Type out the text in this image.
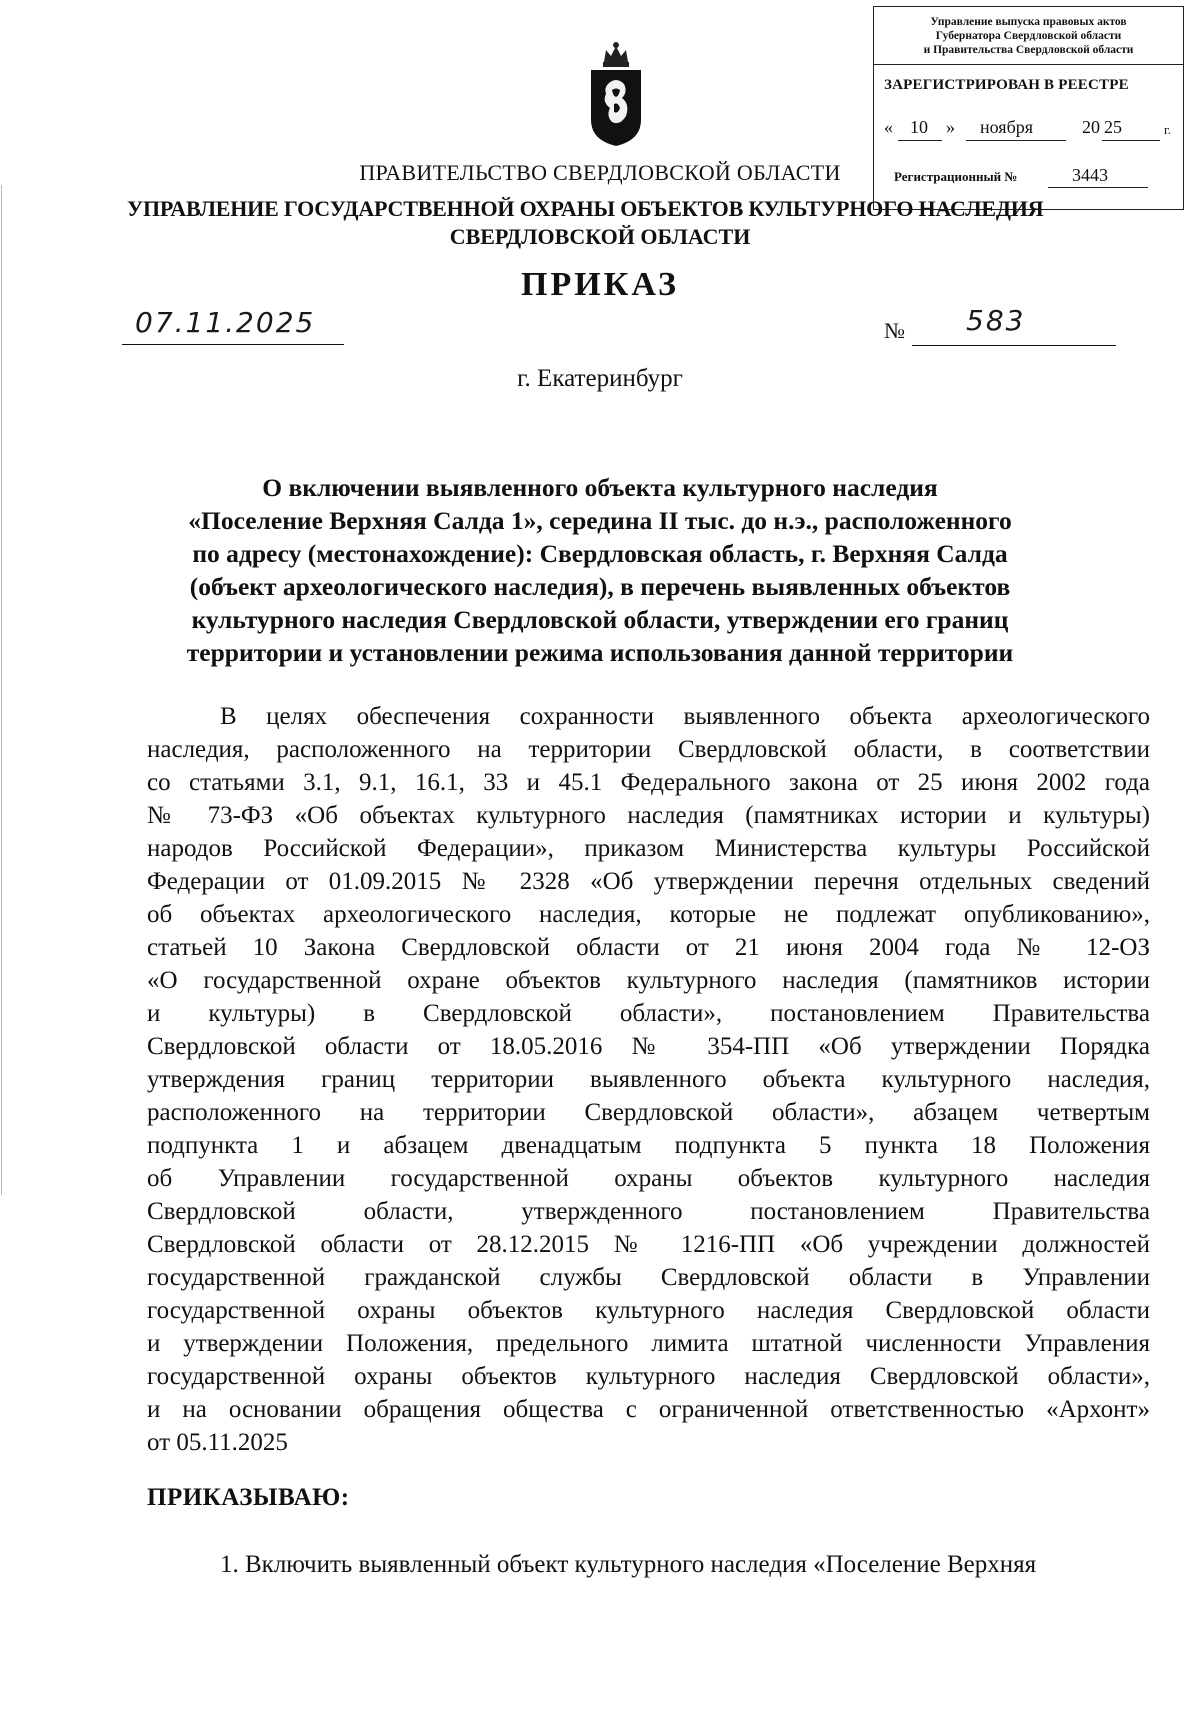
Управление выпуска правовых актов
Губернатора Свердловской области
и Правительства Свердловской области
ЗАРЕГИСТРИРОВАН В РЕЕСТРЕ
« 10 » ноября	20 25	г.
Регистрационный №	3443
ПРАВИТЕЛЬСТВО СВЕРДЛОВСКОЙ ОБЛАСТИ
УПРАВЛЕНИЕ ГОСУДАРСТВЕННОЙ ОХРАНЫ ОБЪЕКТОВ КУЛЬТУРНОГО НАСЛЕДИЯ
СВЕРДЛОВСКОЙ ОБЛАСТИ
ПРИКАЗ
07.11.2025	№ 583
г. Екатеринбург
О включении выявленного объекта культурного наследия
«Поселение Верхняя Салда 1», середина II тыс. до н.э., расположенного
по адресу (местонахождение): Свердловская область, г. Верхняя Салда
(объект археологического наследия), в перечень выявленных объектов
культурного наследия Свердловской области, утверждении его границ
территории и установлении режима использования данной территории
В целях обеспечения сохранности выявленного объекта археологического
наследия, расположенного на территории Свердловской области, в соответствии
со статьями 3.1, 9.1, 16.1, 33 и 45.1 Федерального закона от 25 июня 2002 года
№ 73-ФЗ «Об объектах культурного наследия (памятниках истории и культуры)
народов Российской Федерации», приказом Министерства культуры Российской
Федерации от 01.09.2015 № 2328 «Об утверждении перечня отдельных сведений
об объектах археологического наследия, которые не подлежат опубликованию»,
статьей 10 Закона Свердловской области от 21 июня 2004 года № 12-ОЗ
«О государственной охране объектов культурного наследия (памятников истории
и культуры) в Свердловской области», постановлением Правительства
Свердловской области от 18.05.2016 № 354-ПП «Об утверждении Порядка
утверждения границ территории выявленного объекта культурного наследия,
расположенного на территории Свердловской области», абзацем четвертым
подпункта 1 и абзацем двенадцатым подпункта 5 пункта 18 Положения
об Управлении государственной охраны объектов культурного наследия
Свердловской области, утвержденного постановлением Правительства
Свердловской области от 28.12.2015 № 1216-ПП «Об учреждении должностей
государственной гражданской службы Свердловской области в Управлении
государственной охраны объектов культурного наследия Свердловской области
и утверждении Положения, предельного лимита штатной численности Управления
государственной охраны объектов культурного наследия Свердловской области»,
и на основании обращения общества с ограниченной ответственностью «Архонт»
от 05.11.2025
ПРИКАЗЫВАЮ:
1. Включить выявленный объект культурного наследия «Поселение Верхняя
